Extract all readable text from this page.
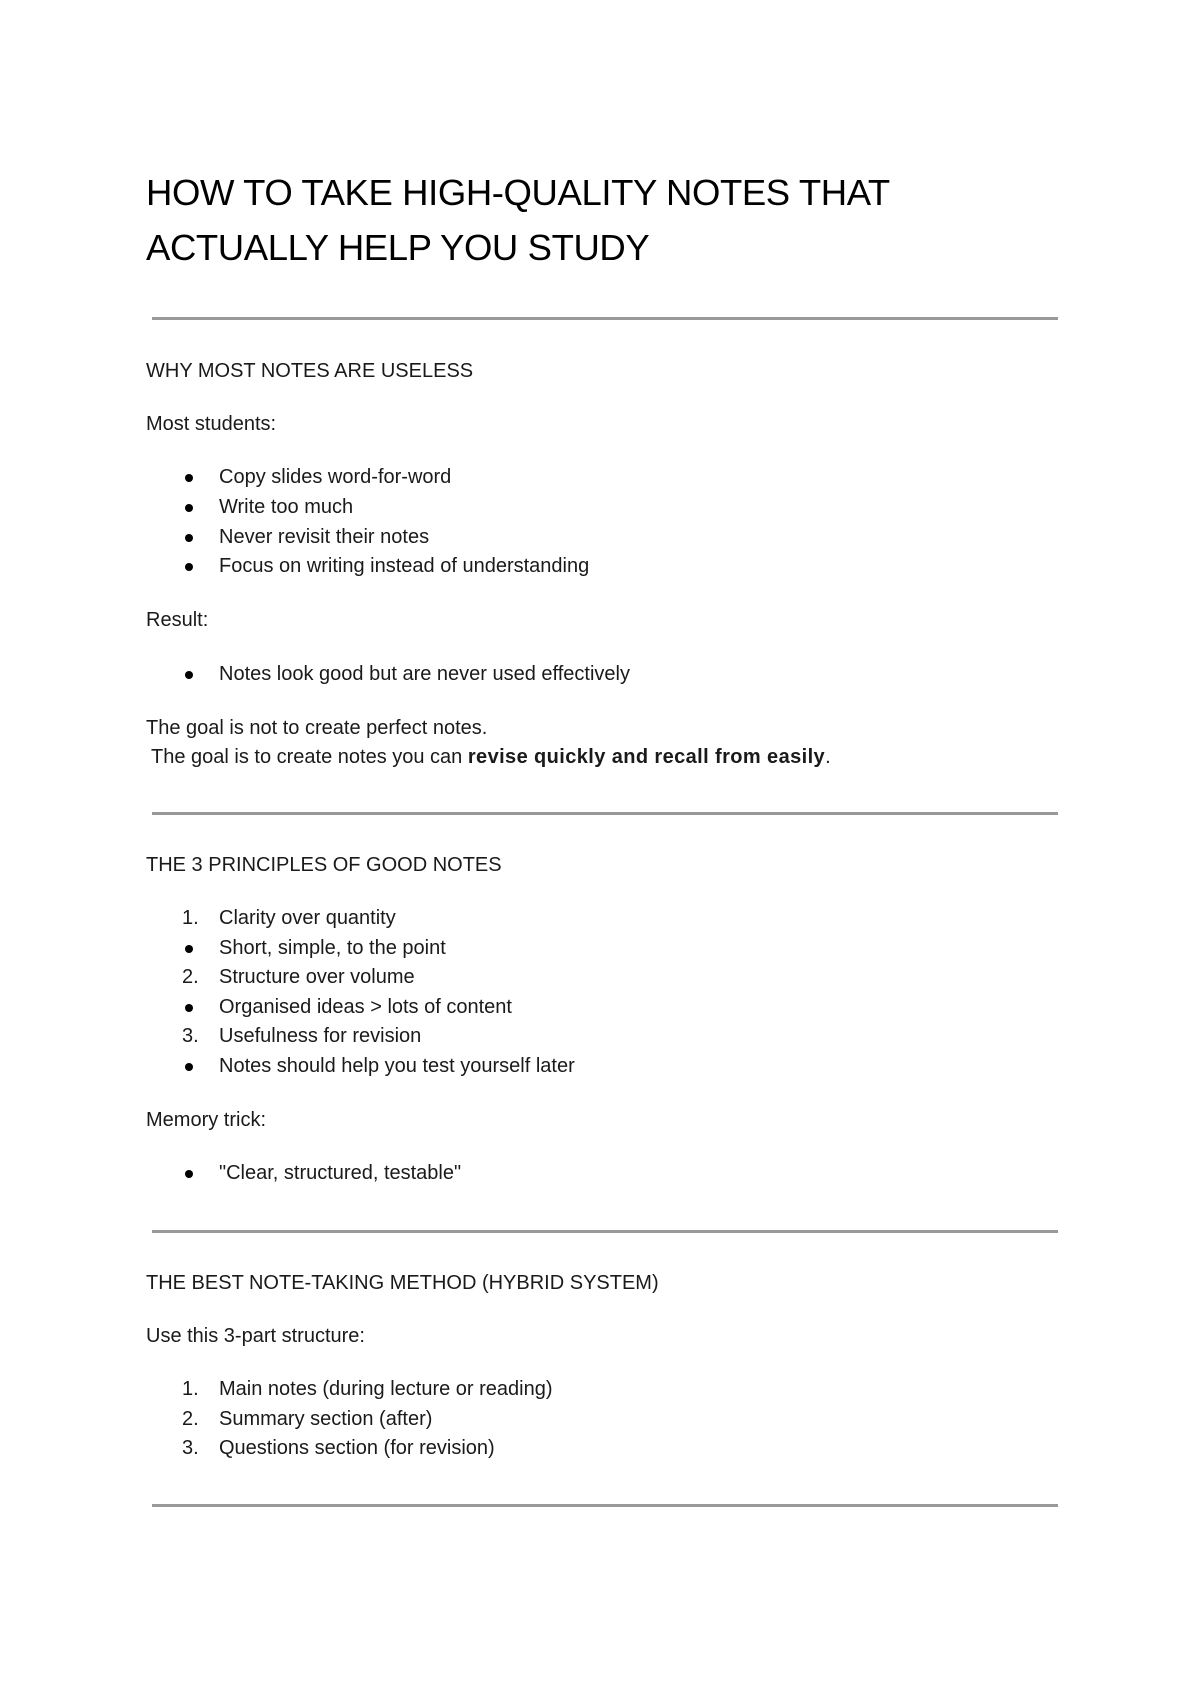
HOW TO TAKE HIGH-QUALITY NOTES THAT
ACTUALLY HELP YOU STUDY
WHY MOST NOTES ARE USELESS
Most students:
Copy slides word-for-word
Write too much
Never revisit their notes
Focus on writing instead of understanding
Result:
Notes look good but are never used effectively
The goal is not to create perfect notes.
The goal is to create notes you can revise quickly and recall from easily.
THE 3 PRINCIPLES OF GOOD NOTES
1. Clarity over quantity
Short, simple, to the point
2. Structure over volume
Organised ideas > lots of content
3. Usefulness for revision
Notes should help you test yourself later
Memory trick:
"Clear, structured, testable"
THE BEST NOTE-TAKING METHOD (HYBRID SYSTEM)
Use this 3-part structure:
1. Main notes (during lecture or reading)
2. Summary section (after)
3. Questions section (for revision)
